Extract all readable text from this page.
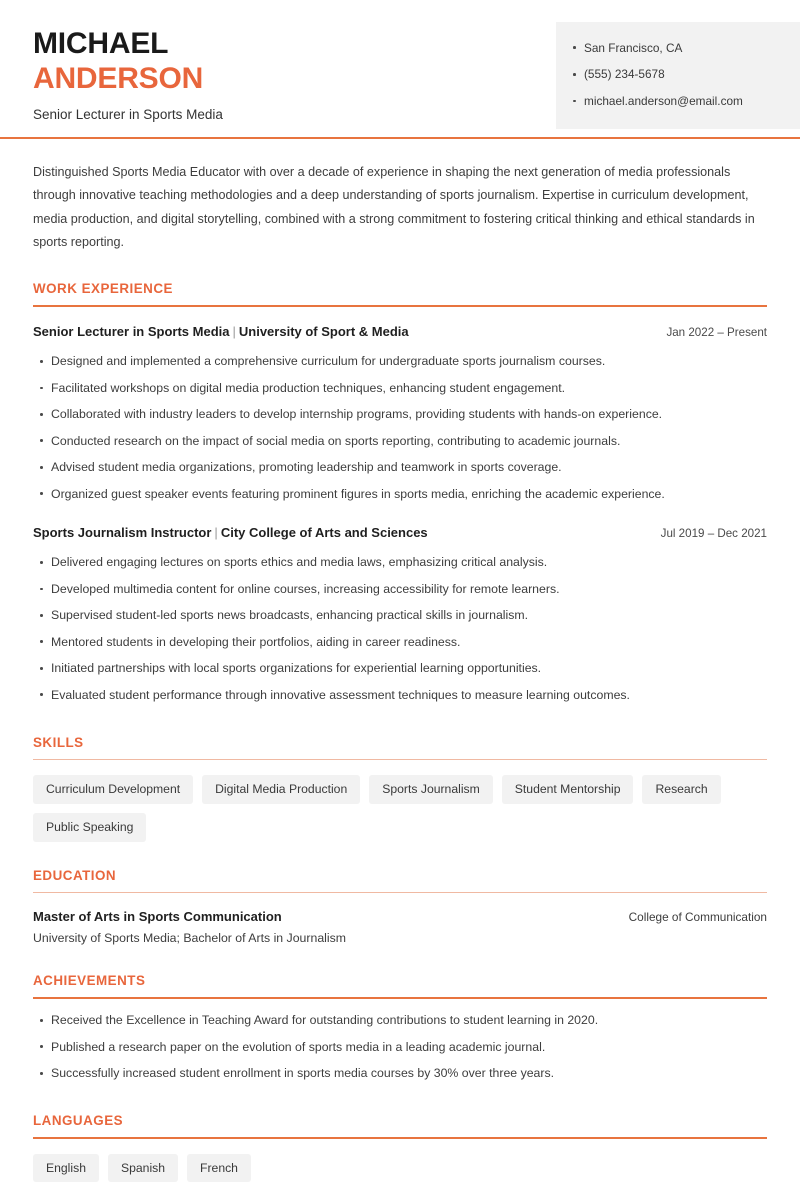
MICHAEL
ANDERSON
Senior Lecturer in Sports Media
San Francisco, CA
(555) 234-5678
michael.anderson@email.com

Distinguished Sports Media Educator with over a decade of experience in shaping the next generation of media professionals through innovative teaching methodologies and a deep understanding of sports journalism. Expertise in curriculum development, media production, and digital storytelling, combined with a strong commitment to fostering critical thinking and ethical standards in sports reporting.

WORK EXPERIENCE
Senior Lecturer in Sports Media | University of Sport & Media	Jan 2022 – Present
Designed and implemented a comprehensive curriculum for undergraduate sports journalism courses.
Facilitated workshops on digital media production techniques, enhancing student engagement.
Collaborated with industry leaders to develop internship programs, providing students with hands-on experience.
Conducted research on the impact of social media on sports reporting, contributing to academic journals.
Advised student media organizations, promoting leadership and teamwork in sports coverage.
Organized guest speaker events featuring prominent figures in sports media, enriching the academic experience.
Sports Journalism Instructor | City College of Arts and Sciences	Jul 2019 – Dec 2021
Delivered engaging lectures on sports ethics and media laws, emphasizing critical analysis.
Developed multimedia content for online courses, increasing accessibility for remote learners.
Supervised student-led sports news broadcasts, enhancing practical skills in journalism.
Mentored students in developing their portfolios, aiding in career readiness.
Initiated partnerships with local sports organizations for experiential learning opportunities.
Evaluated student performance through innovative assessment techniques to measure learning outcomes.
SKILLS
Curriculum Development	Digital Media Production	Sports Journalism	Student Mentorship	Research
Public Speaking
EDUCATION
Master of Arts in Sports Communication	College of Communication
University of Sports Media; Bachelor of Arts in Journalism
ACHIEVEMENTS
Received the Excellence in Teaching Award for outstanding contributions to student learning in 2020.
Published a research paper on the evolution of sports media in a leading academic journal.
Successfully increased student enrollment in sports media courses by 30% over three years.
LANGUAGES
English	Spanish	French
